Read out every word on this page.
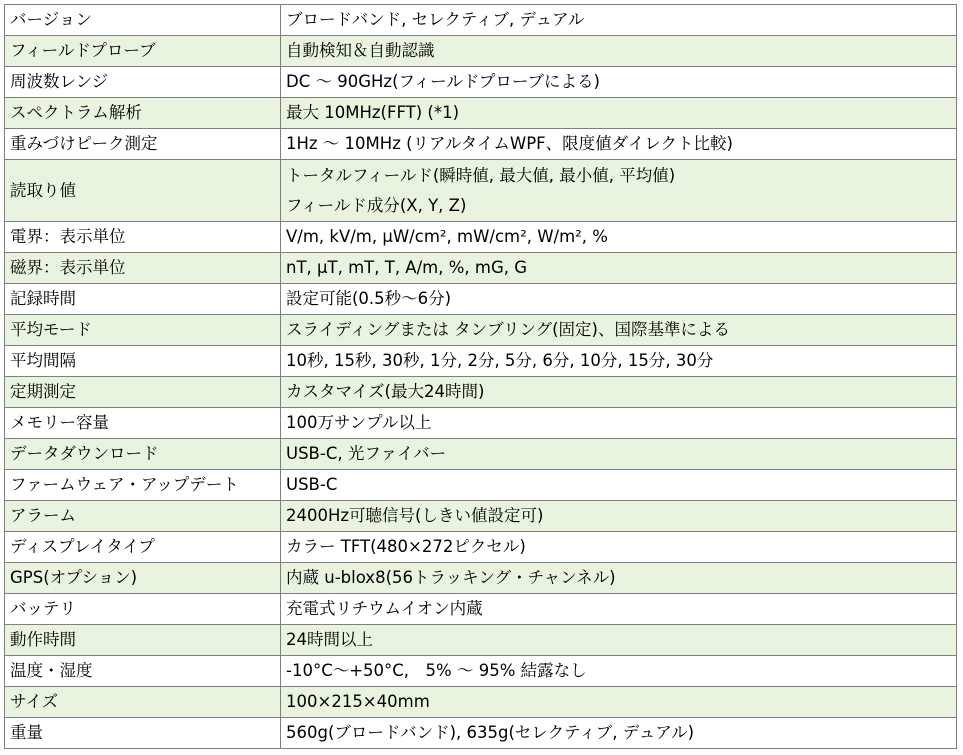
バージョン	ブロードバンド, セレクティブ, デュアル

フィールドプローブ	自動検知＆自動認識

周波数レンジ	DC ～ 90GHz(フィールドプローブによる)

スペクトラム解析	最大 10MHz(FFT) (*1)

重みづけピーク測定	1Hz ～ 10MHz (リアルタイムWPF、限度値ダイレクト比較)

読取り値	トータルフィールド(瞬時値, 最大値, 最小値, 平均値)
フィールド成分(X, Y, Z)

電界：表示単位	V/m, kV/m, μW/cm², mW/cm², W/m², %

磁界：表示単位	nT, μT, mT, T, A/m, %, mG, G

記録時間	設定可能(0.5秒～6分)

平均モード	スライディングまたは タンブリング(固定)、国際基準による

平均間隔	10秒, 15秒, 30秒, 1分, 2分, 5分, 6分, 10分, 15分, 30分

定期測定	カスタマイズ(最大24時間)

メモリー容量	100万サンプル以上

データダウンロード	USB-C, 光ファイバー

ファームウェア・アップデート	USB-C

アラーム	2400Hz可聴信号(しきい値設定可)

ディスプレイタイプ	カラー TFT(480×272ピクセル)

GPS(オプション)	内蔵 u-blox8(56トラッキング・チャンネル)

バッテリ	充電式リチウムイオン内蔵

動作時間	24時間以上

温度・湿度	-10°C～+50°C,　5% ～ 95% 結露なし

サイズ	100×215×40mm

重量	560g(ブロードバンド), 635g(セレクティブ, デュアル)
